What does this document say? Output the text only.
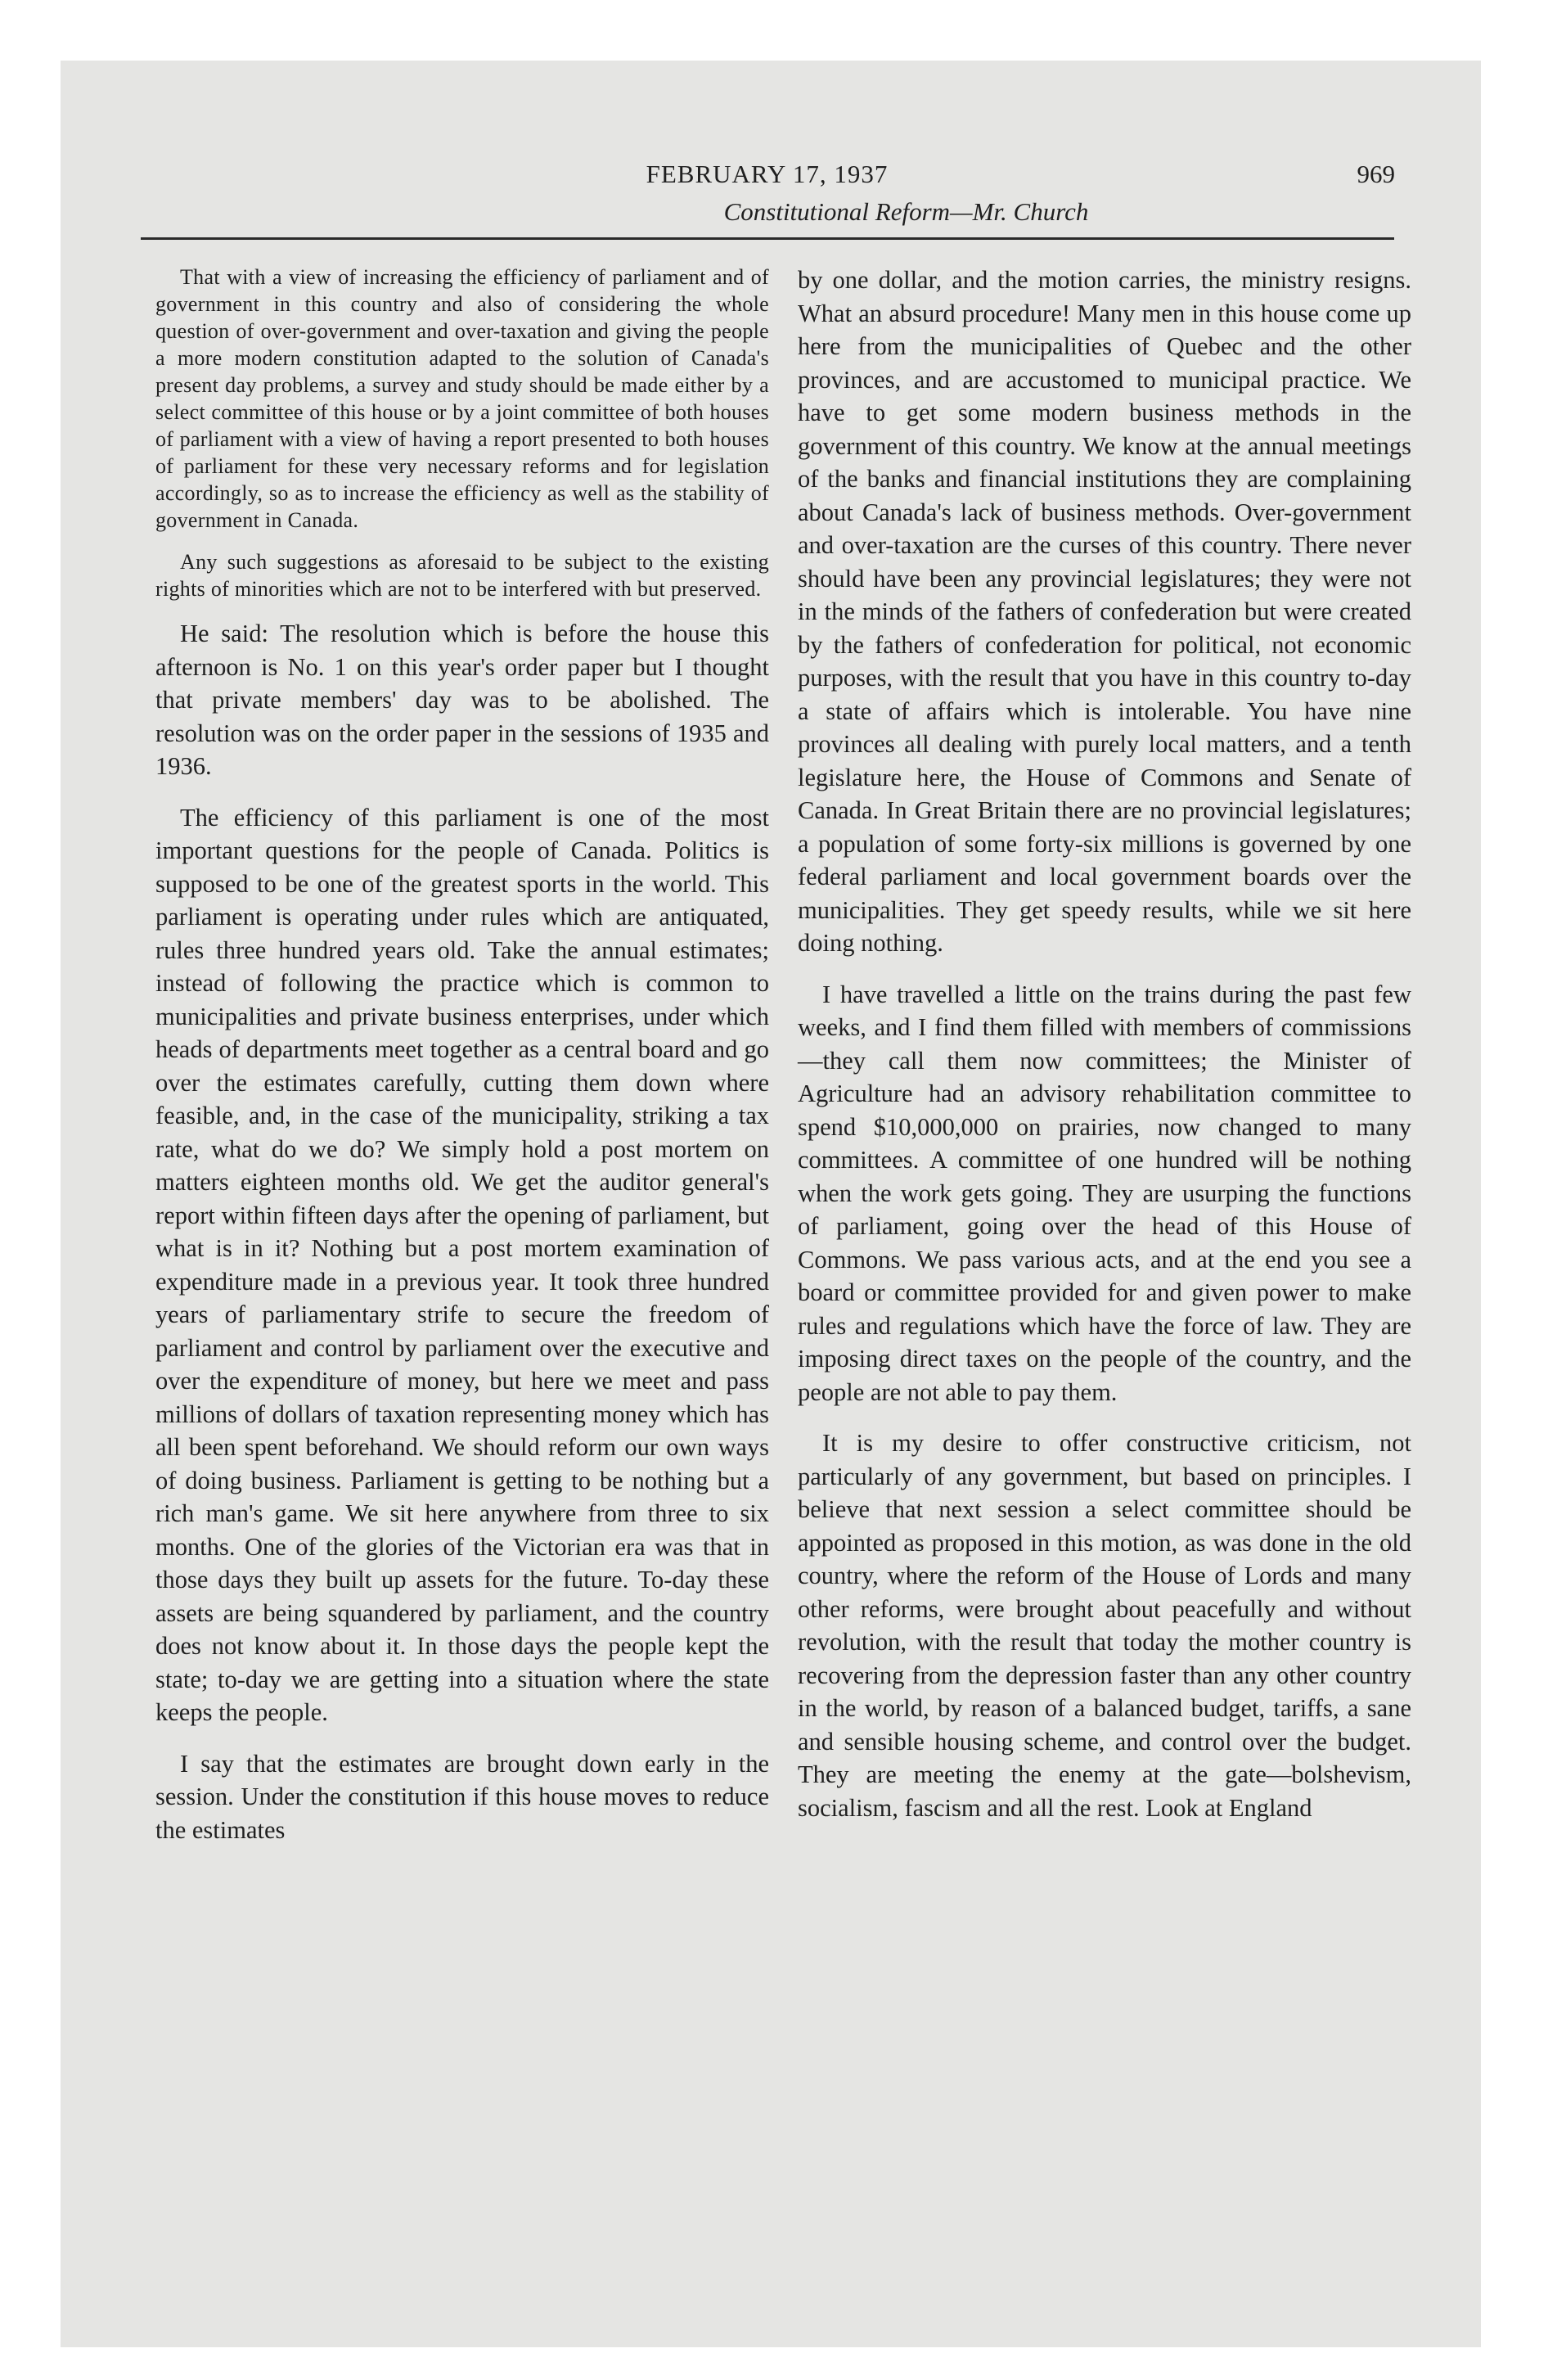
FEBRUARY 17, 1937	969
Constitutional Reform—Mr. Church

That with a view of increasing the efficiency of parliament and of government in this country and also of considering the whole question of over-government and over-taxation and giving the people a more modern constitution adapted to the solution of Canada's present day problems, a survey and study should be made either by a select committee of this house or by a joint committee of both houses of parliament with a view of having a report presented to both houses of parliament for these very necessary reforms and for legislation accordingly, so as to increase the efficiency as well as the stability of government in Canada.

Any such suggestions as aforesaid to be subject to the existing rights of minorities which are not to be interfered with but preserved.

He said: The resolution which is before the house this afternoon is No. 1 on this year's order paper but I thought that private members' day was to be abolished. The resolution was on the order paper in the sessions of 1935 and 1936.

The efficiency of this parliament is one of the most important questions for the people of Canada. Politics is supposed to be one of the greatest sports in the world. This parliament is operating under rules which are antiquated, rules three hundred years old. Take the annual estimates; instead of following the practice which is common to municipalities and private business enterprises, under which heads of departments meet together as a central board and go over the estimates carefully, cutting them down where feasible, and, in the case of the municipality, striking a tax rate, what do we do? We simply hold a post mortem on matters eighteen months old. We get the auditor general's report within fifteen days after the opening of parliament, but what is in it? Nothing but a post mortem examination of expenditure made in a previous year. It took three hundred years of parliamentary strife to secure the freedom of parliament and control by parliament over the executive and over the expenditure of money, but here we meet and pass millions of dollars of taxation representing money which has all been spent beforehand. We should reform our own ways of doing business. Parliament is getting to be nothing but a rich man's game. We sit here anywhere from three to six months. One of the glories of the Victorian era was that in those days they built up assets for the future. To-day these assets are being squandered by parliament, and the country does not know about it. In those days the people kept the state; to-day we are getting into a situation where the state keeps the people.

I say that the estimates are brought down early in the session. Under the constitution if this house moves to reduce the estimates

by one dollar, and the motion carries, the ministry resigns. What an absurd procedure! Many men in this house come up here from the municipalities of Quebec and the other provinces, and are accustomed to municipal practice. We have to get some modern business methods in the government of this country. We know at the annual meetings of the banks and financial institutions they are complaining about Canada's lack of business methods. Over-government and over-taxation are the curses of this country. There never should have been any provincial legislatures; they were not in the minds of the fathers of confederation but were created by the fathers of confederation for political, not economic purposes, with the result that you have in this country to-day a state of affairs which is intolerable. You have nine provinces all dealing with purely local matters, and a tenth legislature here, the House of Commons and Senate of Canada. In Great Britain there are no provincial legislatures; a population of some forty-six millions is governed by one federal parliament and local government boards over the municipalities. They get speedy results, while we sit here doing nothing.

I have travelled a little on the trains during the past few weeks, and I find them filled with members of commissions—they call them now committees; the Minister of Agriculture had an advisory rehabilitation committee to spend $10,000,000 on prairies, now changed to many committees. A committee of one hundred will be nothing when the work gets going. They are usurping the functions of parliament, going over the head of this House of Commons. We pass various acts, and at the end you see a board or committee provided for and given power to make rules and regulations which have the force of law. They are imposing direct taxes on the people of the country, and the people are not able to pay them.

It is my desire to offer constructive criticism, not particularly of any government, but based on principles. I believe that next session a select committee should be appointed as proposed in this motion, as was done in the old country, where the reform of the House of Lords and many other reforms, were brought about peacefully and without revolution, with the result that today the mother country is recovering from the depression faster than any other country in the world, by reason of a balanced budget, tariffs, a sane and sensible housing scheme, and control over the budget. They are meeting the enemy at the gate—bolshevism, socialism, fascism and all the rest. Look at England
